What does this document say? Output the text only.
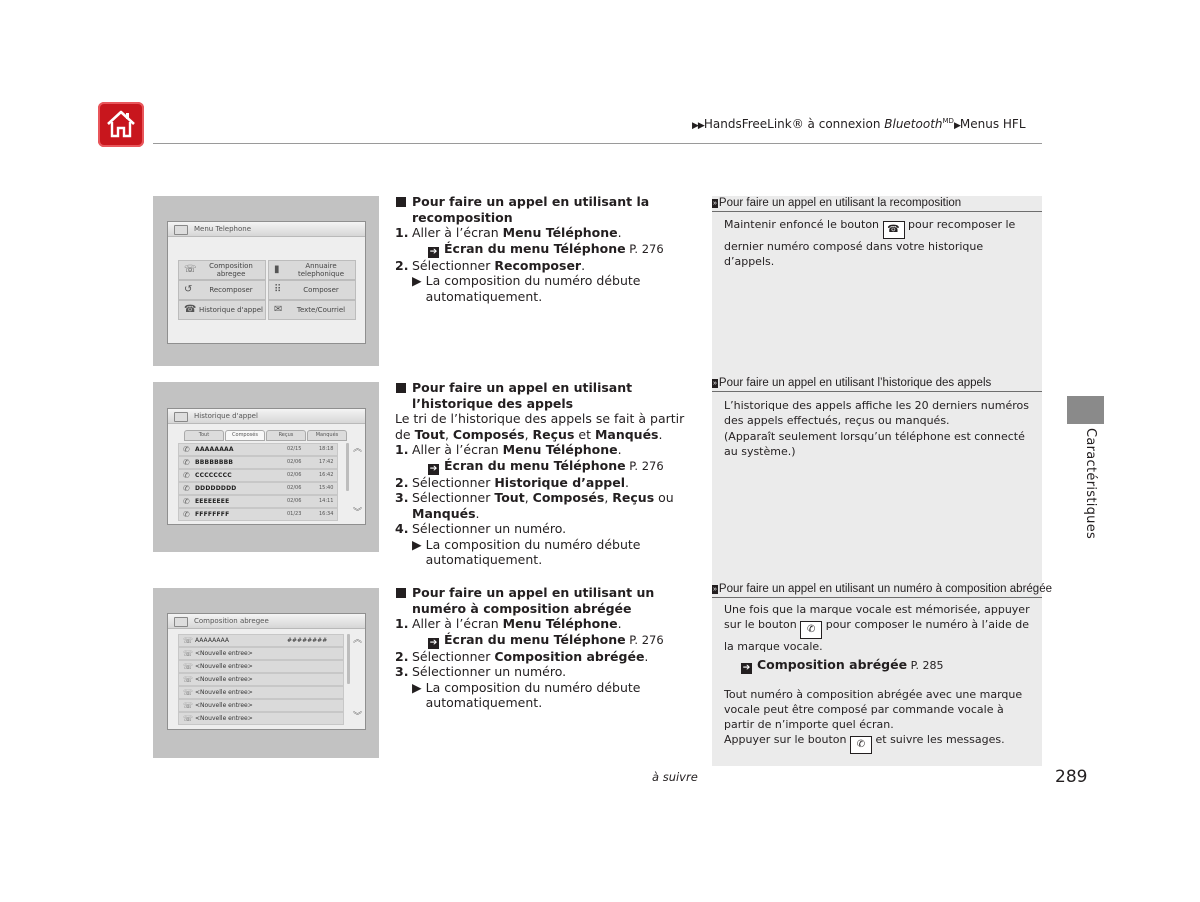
▶▶HandsFreeLink® à connexion Bluetooth$^{MD}$▶Menus HFL
Menu Telephone
☏	Composition abregee	▮	Annuaire telephonique
↺	Recomposer	⠿	Composer
☎ Historique d'appel ✉	Texte/Courriel
Historique d'appel
Tout	Composés	Reçus	Manqués
✆ AAAAAAAA	02/15	18:18
✆ BBBBBBBB	02/06	17:42
✆ CCCCCCCC	02/06	16:42
✆ DDDDDDDD	02/06	15:40
✆ EEEEEEEE	02/06	14:11
✆ FFFFFFFF	01/23	16:34
︽
︾
Composition abregee
☏ AAAAAAAA	########
☏ <Nouvelle entree>
☏ <Nouvelle entree>
☏ <Nouvelle entree>
☏ <Nouvelle entree>
☏ <Nouvelle entree>
☏ <Nouvelle entree>
︽
︾

Pour faire un appel en utilisant la recomposition

1. Aller à l’écran Menu Téléphone.

➔ Écran du menu Téléphone P. 276

2. Sélectionner Recomposer.

▶ La composition du numéro débute automatiquement.

Pour faire un appel en utilisant l’historique des appels

Le tri de l’historique des appels se fait à partir de Tout, Composés, Reçus et Manqués.

1. Aller à l’écran Menu Téléphone.

➔ Écran du menu Téléphone P. 276

2. Sélectionner Historique d’appel.

3. Sélectionner Tout, Composés, Reçus ou Manqués.

4. Sélectionner un numéro.

▶ La composition du numéro débute automatiquement.

Pour faire un appel en utilisant un numéro à composition abrégée

1. Aller à l’écran Menu Téléphone.

➔ Écran du menu Téléphone P. 276

2. Sélectionner Composition abrégée.

3. Sélectionner un numéro.

▶ La composition du numéro débute automatiquement.

» Pour faire un appel en utilisant la recomposition

Maintenir enfoncé le bouton ☎ pour recomposer le dernier numéro composé dans votre historique d’appels.

» Pour faire un appel en utilisant l’historique des appels

L’historique des appels affiche les 20 derniers numéros des appels effectués, reçus ou manqués.

(Apparaît seulement lorsqu’un téléphone est connecté au système.)

» Pour faire un appel en utilisant un numéro à composition abrégée

Une fois que la marque vocale est mémorisée, appuyer sur le bouton ✆ pour composer le numéro à l’aide de la marque vocale.

➔ Composition abrégée P. 285

Tout numéro à composition abrégée avec une marque vocale peut être composé par commande vocale à partir de n’importe quel écran.

Appuyer sur le bouton ✆ et suivre les messages.

à suivre	289
Caractéristiques
